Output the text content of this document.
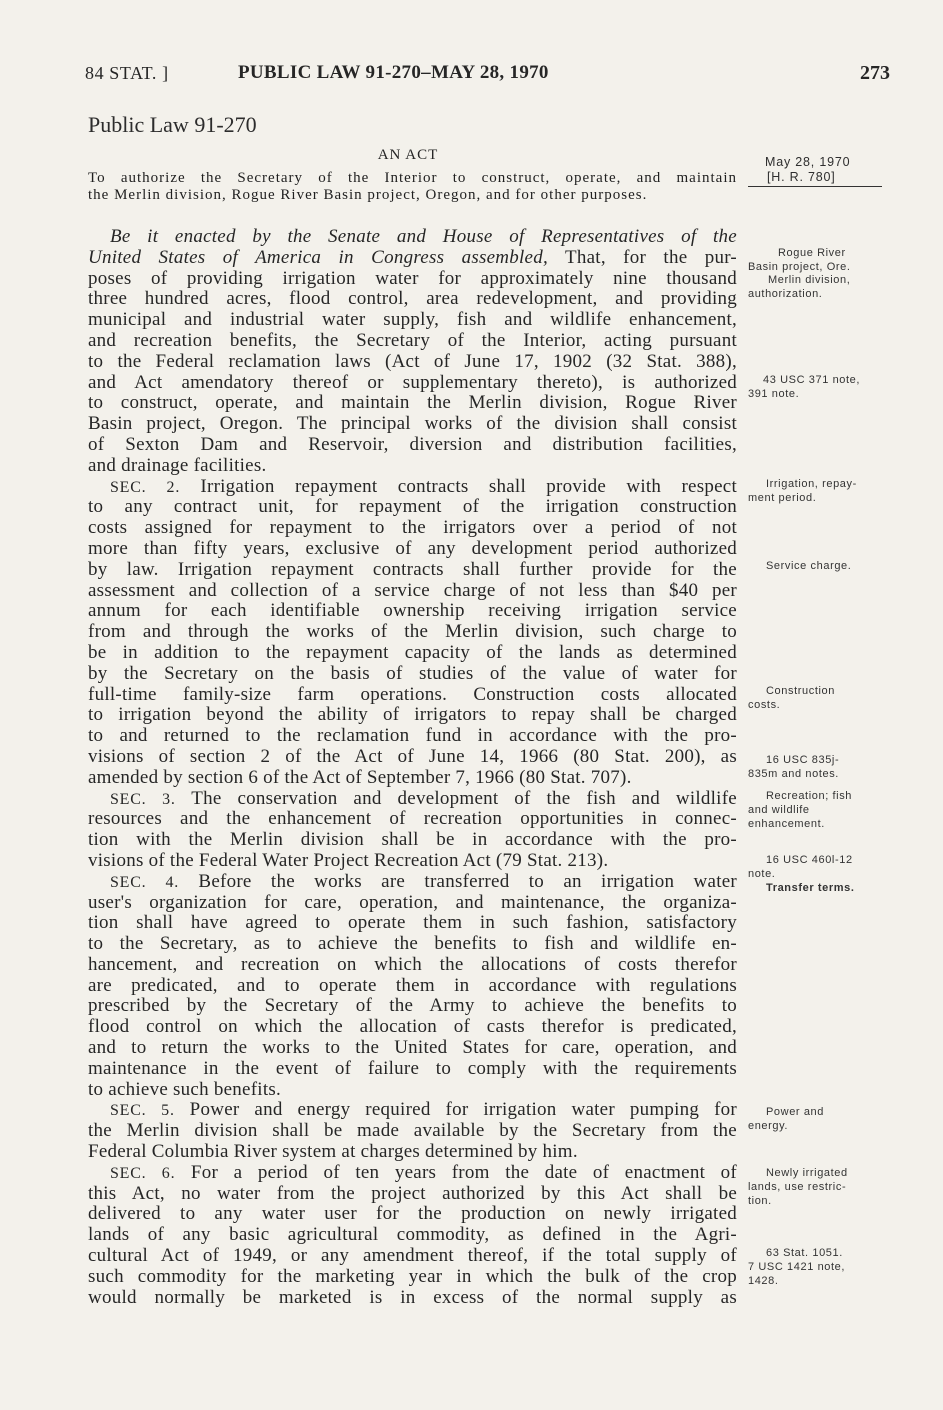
84 STAT. ]	PUBLIC LAW 91-270–MAY 28, 1970	273
Public Law 91-270
AN ACT
To authorize the Secretary of the Interior to construct, operate, and maintain
the Merlin division, Rogue River Basin project, Oregon, and for other purposes.
May 28, 1970
[H. R. 780]
Be it enacted by the Senate and House of Representatives of the
United States of America in Congress assembled, That, for the pur-
poses of providing irrigation water for approximately nine thousand
three hundred acres, flood control, area redevelopment, and providing
municipal and industrial water supply, fish and wildlife enhancement,
and recreation benefits, the Secretary of the Interior, acting pursuant
to the Federal reclamation laws (Act of June 17, 1902 (32 Stat. 388),
and Act amendatory thereof or supplementary thereto), is authorized
to construct, operate, and maintain the Merlin division, Rogue River
Basin project, Oregon. The principal works of the division shall consist
of Sexton Dam and Reservoir, diversion and distribution facilities,
and drainage facilities.
SEC. 2. Irrigation repayment contracts shall provide with respect
to any contract unit, for repayment of the irrigation construction
costs assigned for repayment to the irrigators over a period of not
more than fifty years, exclusive of any development period authorized
by law. Irrigation repayment contracts shall further provide for the
assessment and collection of a service charge of not less than $40 per
annum for each identifiable ownership receiving irrigation service
from and through the works of the Merlin division, such charge to
be in addition to the repayment capacity of the lands as determined
by the Secretary on the basis of studies of the value of water for
full-time family-size farm operations. Construction costs allocated
to irrigation beyond the ability of irrigators to repay shall be charged
to and returned to the reclamation fund in accordance with the pro-
visions of section 2 of the Act of June 14, 1966 (80 Stat. 200), as
amended by section 6 of the Act of September 7, 1966 (80 Stat. 707).
SEC. 3. The conservation and development of the fish and wildlife
resources and the enhancement of recreation opportunities in connec-
tion with the Merlin division shall be in accordance with the pro-
visions of the Federal Water Project Recreation Act (79 Stat. 213).
SEC. 4. Before the works are transferred to an irrigation water
user's organization for care, operation, and maintenance, the organiza-
tion shall have agreed to operate them in such fashion, satisfactory
to the Secretary, as to achieve the benefits to fish and wildlife en-
hancement, and recreation on which the allocations of costs therefor
are predicated, and to operate them in accordance with regulations
prescribed by the Secretary of the Army to achieve the benefits to
flood control on which the allocation of casts therefor is predicated,
and to return the works to the United States for care, operation, and
maintenance in the event of failure to comply with the requirements
to achieve such benefits.
SEC. 5. Power and energy required for irrigation water pumping for
the Merlin division shall be made available by the Secretary from the
Federal Columbia River system at charges determined by him.
SEC. 6. For a period of ten years from the date of enactment of
this Act, no water from the project authorized by this Act shall be
delivered to any water user for the production on newly irrigated
lands of any basic agricultural commodity, as defined in the Agri-
cultural Act of 1949, or any amendment thereof, if the total supply of
such commodity for the marketing year in which the bulk of the crop
would normally be marketed is in excess of the normal supply as
Rogue River
Basin project, Ore.
Merlin division,
authorization.
43 USC 371 note,
391 note.
Irrigation, repay-
ment period.
Service charge.
Construction
costs.
16 USC 835j-
835m and notes.
Recreation; fish
and wildlife
enhancement.
16 USC 460l-12
note.
Transfer terms.
Power and
energy.
Newly irrigated
lands, use restric-
tion.
63 Stat. 1051.
7 USC 1421 note,
1428.
